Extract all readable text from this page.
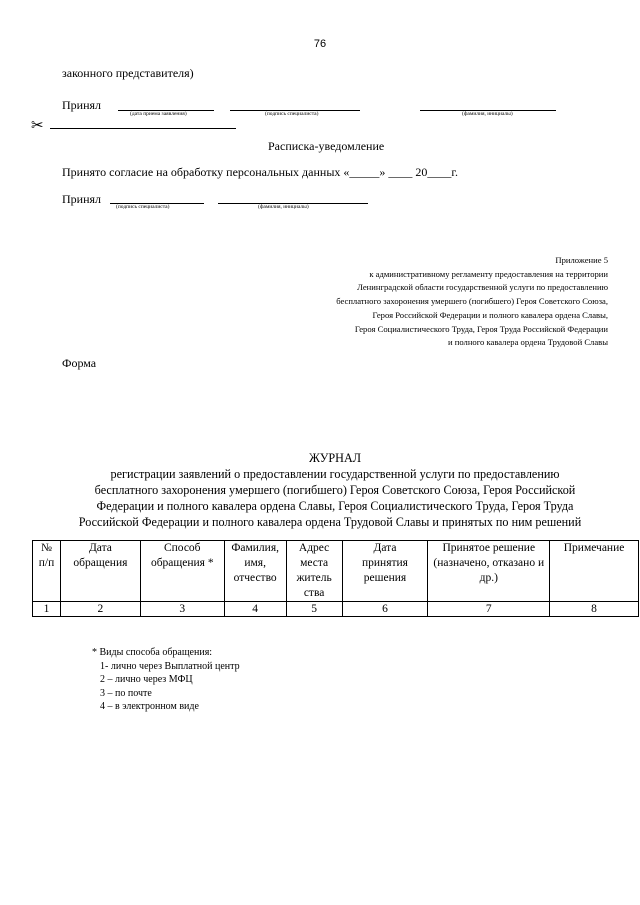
76
законного представителя)
Принял
(дата приема заявления)	(подпись специалиста)	(фамилия, инициалы)
✂
Расписка-уведомление
Принято согласие на обработку персональных данных «_____» ____ 20____г.
Принял
(подпись специалиста)	(фамилия, инициалы)
Приложение 5
к административному регламенту предоставления на территории
Ленинградской области государственной услуги по предоставлению
бесплатного захоронения умершего (погибшего) Героя Советского Союза,
Героя Российской Федерации и полного кавалера ордена Славы,
Героя Социалистического Труда, Героя Труда Российской Федерации
и полного кавалера ордена Трудовой Славы
Форма
ЖУРНАЛ
регистрации заявлений о предоставлении государственной услуги по предоставлению
бесплатного захоронения умершего (погибшего) Героя Советского Союза, Героя Российской
Федерации и полного кавалера ордена Славы, Героя Социалистического Труда, Героя Труда
Российской Федерации и полного кавалера ордена Трудовой Славы и принятых по ним решений
№ п/п	Дата обращения	Способ обращения *	Фамилия, имя, отчество	Адрес места житель ства	Дата принятия решения	Принятое решение (назначено, отказано и др.)	Примечание
1	2	3	4	5	6	7	8
* Виды способа обращения:
1- лично через Выплатной центр
2 – лично через МФЦ
3 – по почте
4 – в электронном виде
